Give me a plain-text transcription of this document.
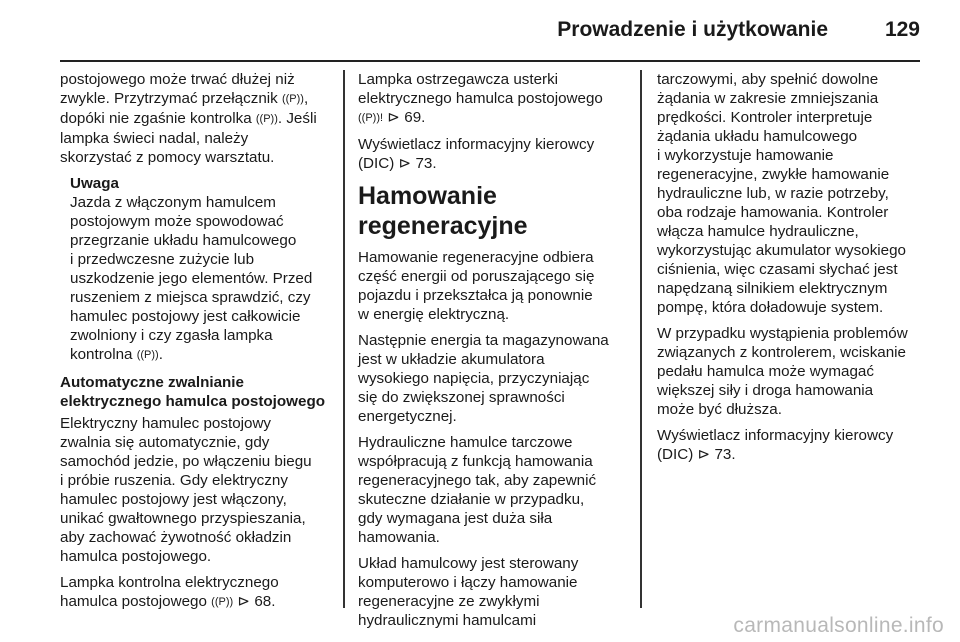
Prowadzenie i użytkowanie	129
postojowego może trwać dłużej niż
zwykle. Przytrzymać przełącznik ((P)),
dopóki nie zgaśnie kontrolka ((P)). Jeśli
lampka świeci nadal, należy
skorzystać z pomocy warsztatu.
Uwaga
Jazda z włączonym hamulcem
postojowym może spowodować
przegrzanie układu hamulcowego
i przedwczesne zużycie lub
uszkodzenie jego elementów. Przed
ruszeniem z miejsca sprawdzić, czy
hamulec postojowy jest całkowicie
zwolniony i czy zgasła lampka
kontrolna ((P)).
Automatyczne zwalnianie
elektrycznego hamulca postojowego
Elektryczny hamulec postojowy
zwalnia się automatycznie, gdy
samochód jedzie, po włączeniu biegu
i próbie ruszenia. Gdy elektryczny
hamulec postojowy jest włączony,
unikać gwałtownego przyspieszania,
aby zachować żywotność okładzin
hamulca postojowego.
Lampka kontrolna elektrycznego
hamulca postojowego ((P)) ⊳ 68.
Lampka ostrzegawcza usterki
elektrycznego hamulca postojowego
((P))! ⊳ 69.
Wyświetlacz informacyjny kierowcy
(DIC) ⊳ 73.
Hamowanie
regeneracyjne
Hamowanie regeneracyjne odbiera
część energii od poruszającego się
pojazdu i przekształca ją ponownie
w energię elektryczną.
Następnie energia ta magazynowana
jest w układzie akumulatora
wysokiego napięcia, przyczyniając
się do zwiększonej sprawności
energetycznej.
Hydrauliczne hamulce tarczowe
współpracują z funkcją hamowania
regeneracyjnego tak, aby zapewnić
skuteczne działanie w przypadku,
gdy wymagana jest duża siła
hamowania.
Układ hamulcowy jest sterowany
komputerowo i łączy hamowanie
regeneracyjne ze zwykłymi
hydraulicznymi hamulcami
tarczowymi, aby spełnić dowolne
żądania w zakresie zmniejszania
prędkości. Kontroler interpretuje
żądania układu hamulcowego
i wykorzystuje hamowanie
regeneracyjne, zwykłe hamowanie
hydrauliczne lub, w razie potrzeby,
oba rodzaje hamowania. Kontroler
włącza hamulce hydrauliczne,
wykorzystując akumulator wysokiego
ciśnienia, więc czasami słychać jest
napędzaną silnikiem elektrycznym
pompę, która doładowuje system.
W przypadku wystąpienia problemów
związanych z kontrolerem, wciskanie
pedału hamulca może wymagać
większej siły i droga hamowania
może być dłuższa.
Wyświetlacz informacyjny kierowcy
(DIC) ⊳ 73.
carmanualsonline.info
